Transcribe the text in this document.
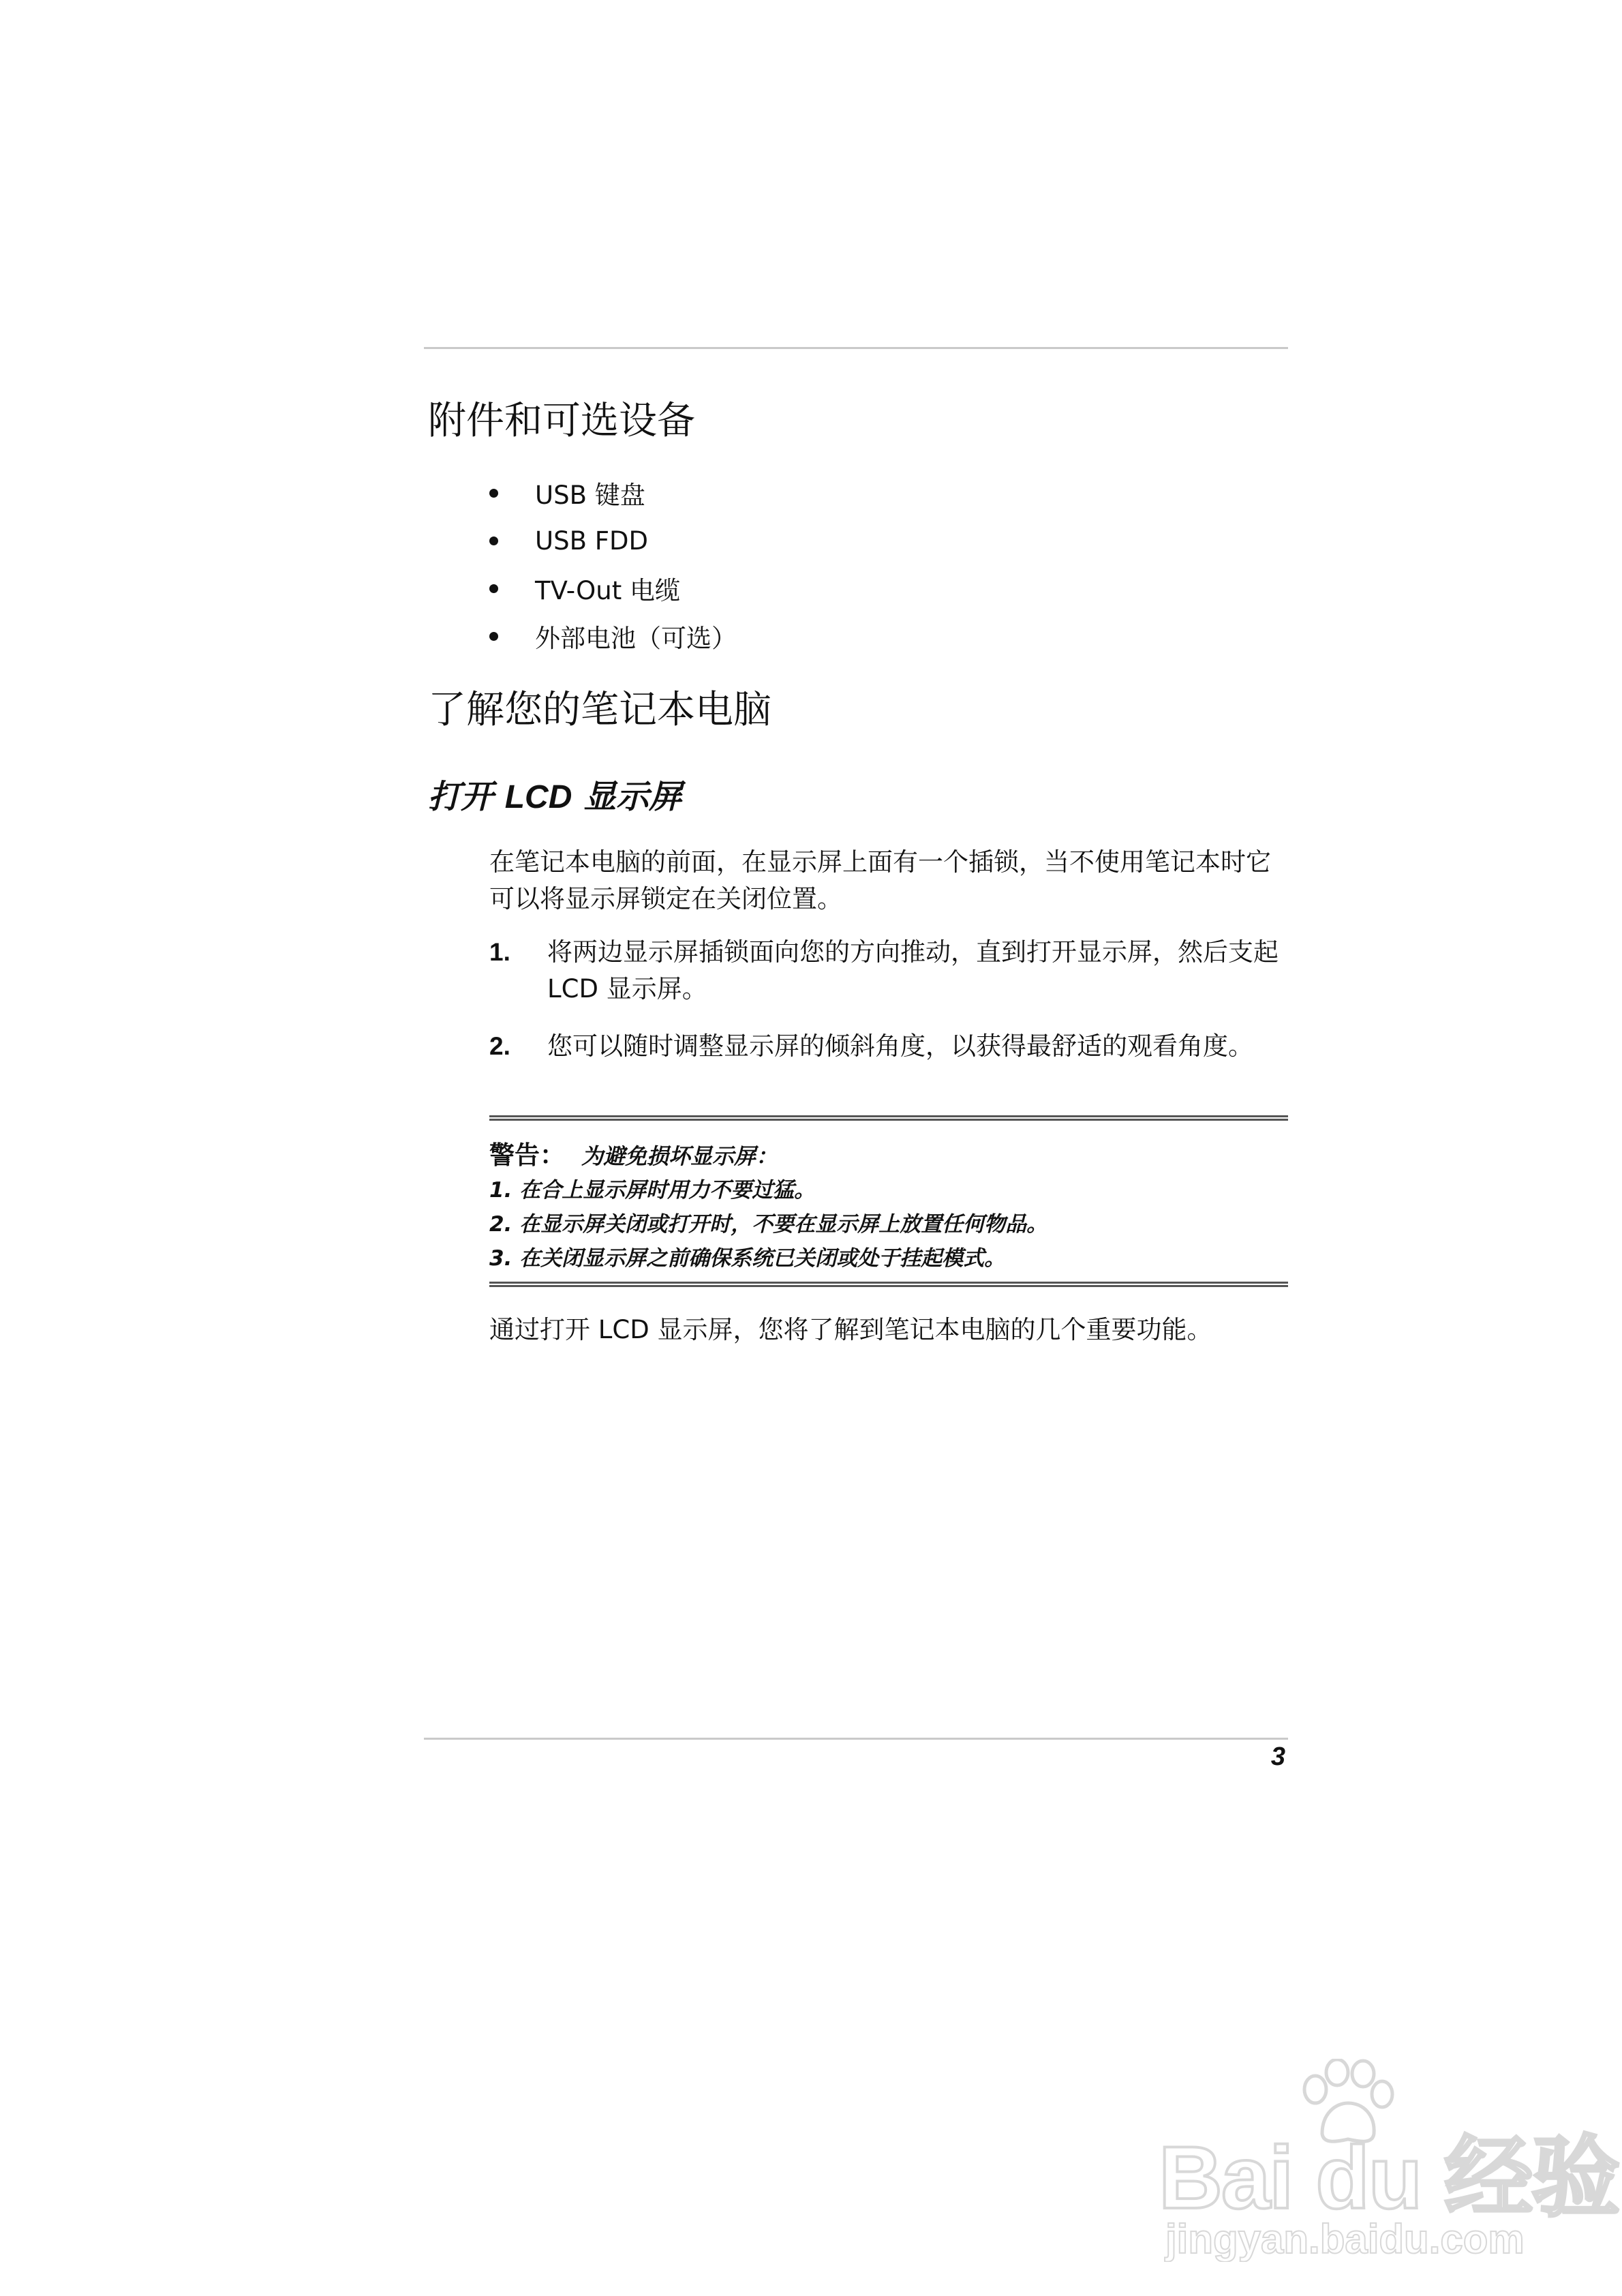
附件和可选设备
USB 键盘
USB FDD
TV-Out 电缆
外部电池（可选）
了解您的笔记本电脑
打开 LCD 显示屏

在笔记本电脑的前面，在显示屏上面有一个插锁，当不使用笔记本时它可以将显示屏锁定在关闭位置。

1. 将两边显示屏插锁面向您的方向推动，直到打开显示屏，然后支起 LCD 显示屏。
2. 您可以随时调整显示屏的倾斜角度，以获得最舒适的观看角度。
警告： 为避免损坏显示屏：
1. 在合上显示屏时用力不要过猛。
2. 在显示屏关闭或打开时，不要在显示屏上放置任何物品。
3. 在关闭显示屏之前确保系统已关闭或处于挂起模式。

通过打开 LCD 显示屏，您将了解到笔记本电脑的几个重要功能。

3
Bai du 经验
jingyan.baidu.com
